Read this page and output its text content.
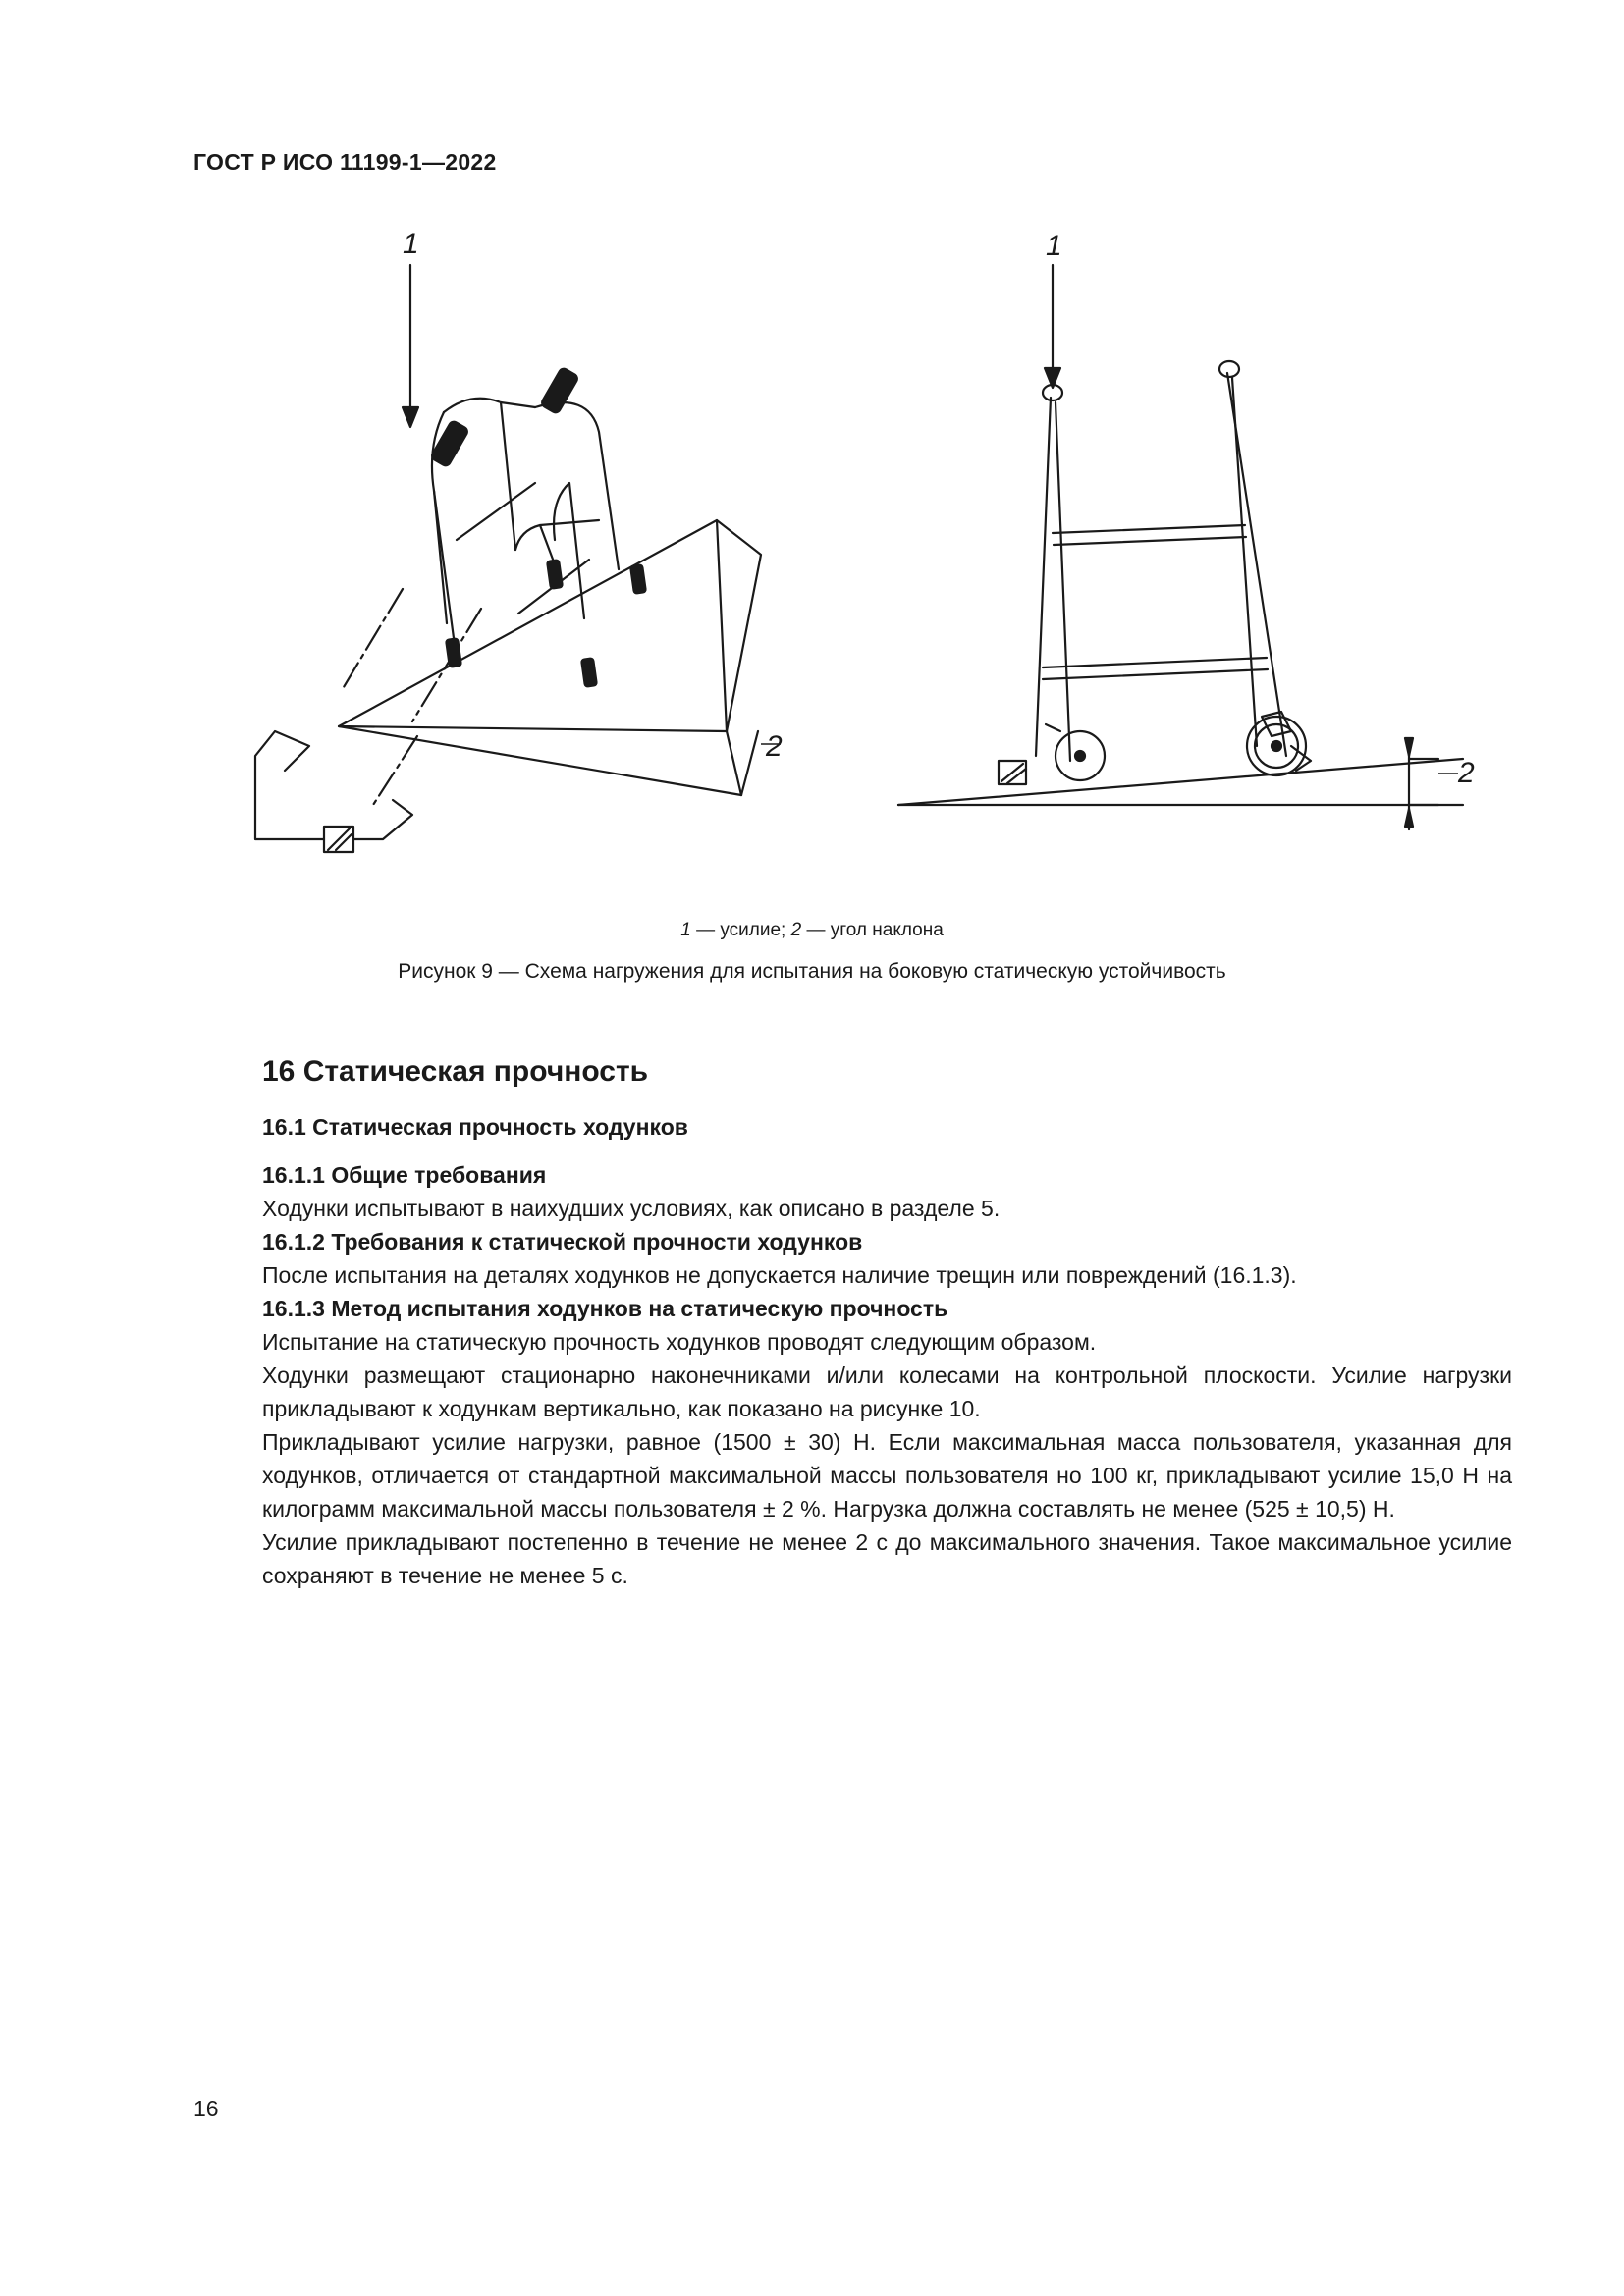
ГОСТ Р ИСО 11199-1—2022
1	1
2
2
1 — усилие; 2 — угол наклона
Рисунок 9 — Схема нагружения для испытания на боковую статическую устойчивость
16 Статическая прочность
16.1 Статическая прочность ходунков
16.1.1 Общие требования

Ходунки испытывают в наихудших условиях, как описано в разделе 5.

16.1.2 Требования к статической прочности ходунков

После испытания на деталях ходунков не допускается наличие трещин или повреждений (16.1.3).

16.1.3 Метод испытания ходунков на статическую прочность

Испытание на статическую прочность ходунков проводят следующим образом.

Ходунки размещают стационарно наконечниками и/или колесами на контрольной плоскости. Усилие нагрузки прикладывают к ходункам вертикально, как показано на рисунке 10.

Прикладывают усилие нагрузки, равное (1500 ± 30) Н. Если максимальная масса пользователя, указанная для ходунков, отличается от стандартной максимальной массы пользователя но 100 кг, прикладывают усилие 15,0 Н на килограмм максимальной массы пользователя ± 2 %. Нагрузка должна составлять не менее (525 ± 10,5) Н.

Усилие прикладывают постепенно в течение не менее 2 с до максимального значения. Такое максимальное усилие сохраняют в течение не менее 5 с.

16
